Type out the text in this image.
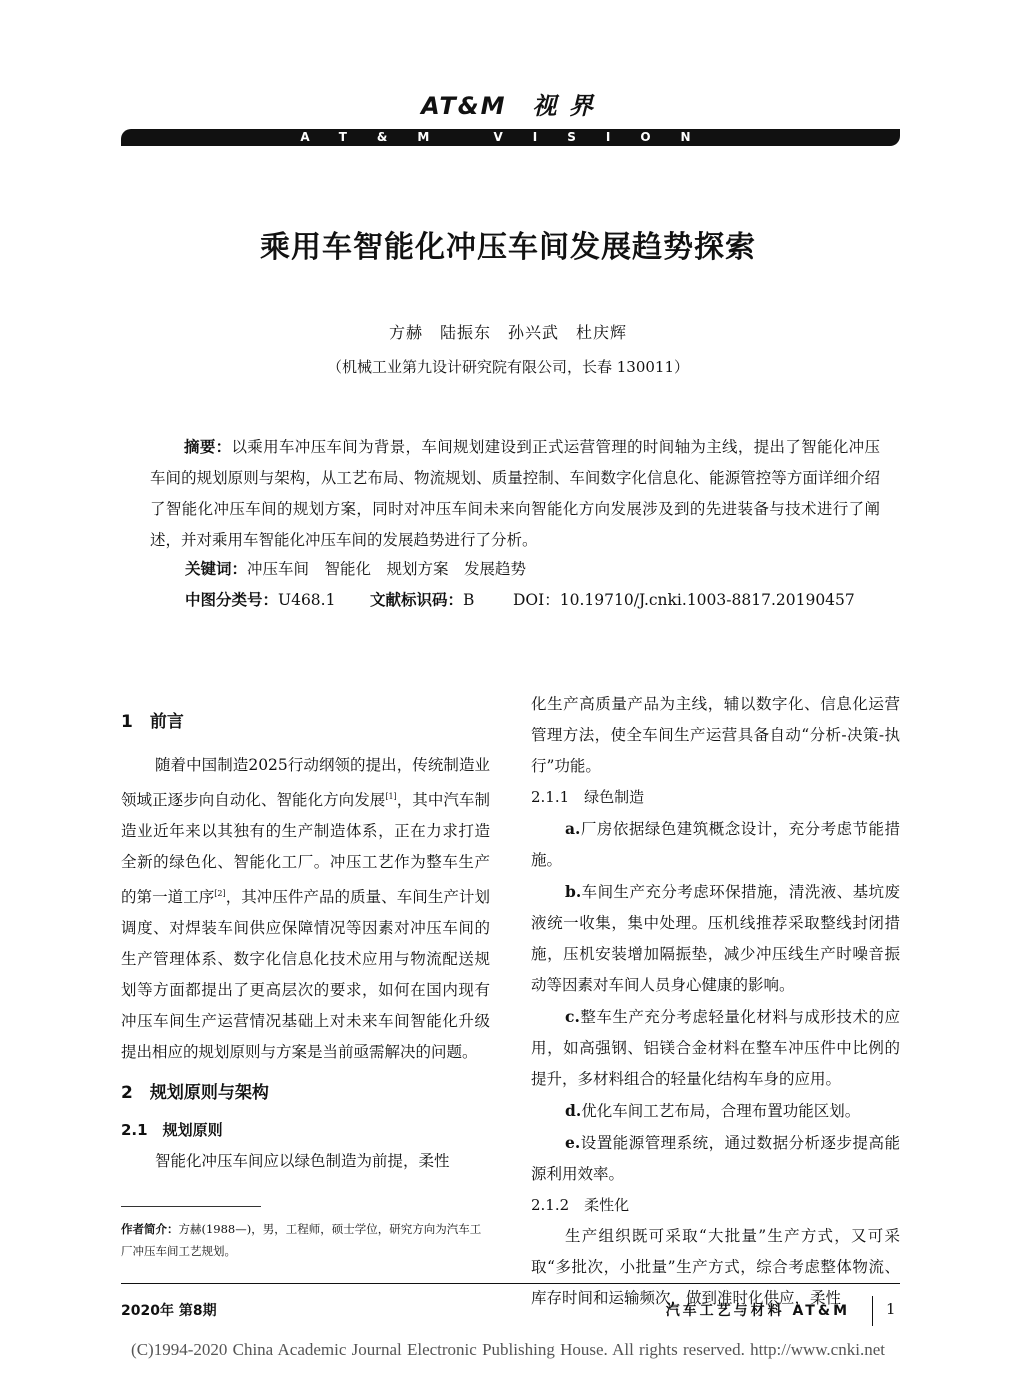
AT&M 视 界
AT&M VISION
乘用车智能化冲压车间发展趋势探索
方赫　陆振东　孙兴武　杜庆辉
（机械工业第九设计研究院有限公司，长春 130011）
摘要：以乘用车冲压车间为背景，车间规划建设到正式运营管理的时间轴为主线，提出了智能化冲压车间的规划原则与架构，从工艺布局、物流规划、质量控制、车间数字化信息化、能源管控等方面详细介绍了智能化冲压车间的规划方案，同时对冲压车间未来向智能化方向发展涉及到的先进装备与技术进行了阐述，并对乘用车智能化冲压车间的发展趋势进行了分析。
关键词：冲压车间　智能化　规划方案　发展趋势
中图分类号：U468.1 文献标识码：B DOI：10.19710/J.cnki.1003-8817.20190457

1　前言

随着中国制造2025行动纲领的提出，传统制造业领域正逐步向自动化、智能化方向发展[1]，其中汽车制造业近年来以其独有的生产制造体系，正在力求打造全新的绿色化、智能化工厂。冲压工艺作为整车生产的第一道工序[2]，其冲压件产品的质量、车间生产计划调度、对焊装车间供应保障情况等因素对冲压车间的生产管理体系、数字化信息化技术应用与物流配送规划等方面都提出了更高层次的要求，如何在国内现有冲压车间生产运营情况基础上对未来车间智能化升级提出相应的规划原则与方案是当前亟需解决的问题。

2　规划原则与架构

2.1　规划原则

智能化冲压车间应以绿色制造为前提，柔性

作者简介：方赫(1988—)，男，工程师，硕士学位，研究方向为汽车工厂冲压车间工艺规划。

化生产高质量产品为主线，辅以数字化、信息化运营管理方法，使全车间生产运营具备自动“分析-决策-执行”功能。

2.1.1　绿色制造

a.厂房依据绿色建筑概念设计，充分考虑节能措施。

b.车间生产充分考虑环保措施，清洗液、基坑废液统一收集，集中处理。压机线推荐采取整线封闭措施，压机安装增加隔振垫，减少冲压线生产时噪音振动等因素对车间人员身心健康的影响。

c.整车生产充分考虑轻量化材料与成形技术的应用，如高强钢、铝镁合金材料在整车冲压件中比例的提升，多材料组合的轻量化结构车身的应用。

d.优化车间工艺布局，合理布置功能区划。

e.设置能源管理系统，通过数据分析逐步提高能源利用效率。

2.1.2　柔性化

生产组织既可采取“大批量”生产方式，又可采取“多批次，小批量”生产方式，综合考虑整体物流、库存时间和运输频次，做到准时化供应，柔性

2020年 第8期	汽车工艺与材料 AT&M 1
(C)1994-2020 China Academic Journal Electronic Publishing House. All rights reserved. http://www.cnki.net
